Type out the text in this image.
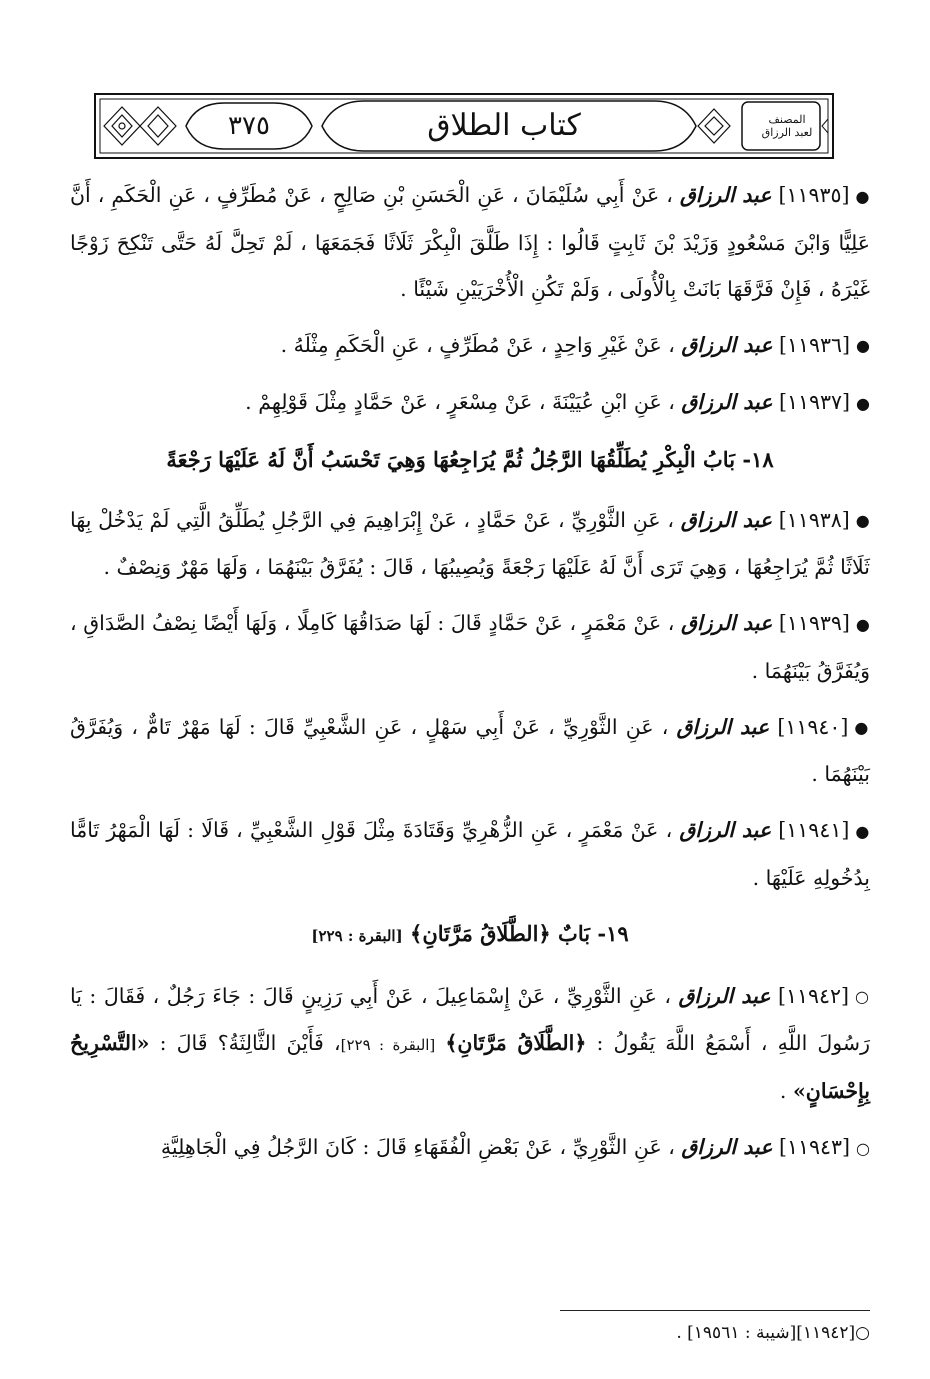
٣٧٥	كتاب الطلاق	المصنف
لعبد الرزاق

●[١١٩٣٥] عبد الرزاق ، عَنْ أَبِي سُلَيْمَانَ ، عَنِ الْحَسَنِ بْنِ صَالِحٍ ، عَنْ مُطَرِّفٍ ، عَنِ الْحَكَمِ ، أَنَّ عَلِيًّا وَابْنَ مَسْعُودٍ وَزَيْدَ بْنَ ثَابِتٍ قَالُوا : إِذَا طَلَّقَ الْبِكْرَ ثَلَاثًا فَجَمَعَهَا ، لَمْ تَحِلَّ لَهُ حَتَّى تَنْكِحَ زَوْجًا غَيْرَهُ ، فَإِنْ فَرَّقَهَا بَانَتْ بِالْأُولَى ، وَلَمْ تَكُنِ الْأُخْرَيَيْنِ شَيْئًا .

●[١١٩٣٦] عبد الرزاق ، عَنْ غَيْرِ وَاحِدٍ ، عَنْ مُطَرِّفٍ ، عَنِ الْحَكَمِ مِثْلَهُ .

●[١١٩٣٧] عبد الرزاق ، عَنِ ابْنِ عُيَيْنَةَ ، عَنْ مِسْعَرٍ ، عَنْ حَمَّادٍ مِثْلَ قَوْلِهِمْ .

١٨- بَابُ الْبِكْرِ يُطَلِّقُهَا الرَّجُلُ ثُمَّ يُرَاجِعُهَا وَهِيَ تَحْسَبُ أَنَّ لَهُ عَلَيْهَا رَجْعَةً

●[١١٩٣٨] عبد الرزاق ، عَنِ الثَّوْرِيِّ ، عَنْ حَمَّادٍ ، عَنْ إِبْرَاهِيمَ فِي الرَّجُلِ يُطَلِّقُ الَّتِي لَمْ يَدْخُلْ بِهَا ثَلَاثًا ثُمَّ يُرَاجِعُهَا ، وَهِيَ تَرَى أَنَّ لَهُ عَلَيْهَا رَجْعَةً وَيُصِيبُهَا ، قَالَ : يُفَرَّقُ بَيْنَهُمَا ، وَلَهَا مَهْرٌ وَنِصْفٌ .

●[١١٩٣٩] عبد الرزاق ، عَنْ مَعْمَرٍ ، عَنْ حَمَّادٍ قَالَ : لَهَا صَدَاقُهَا كَامِلًا ، وَلَهَا أَيْضًا نِصْفُ الصَّدَاقِ ، وَيُفَرَّقُ بَيْنَهُمَا .

●[١١٩٤٠] عبد الرزاق ، عَنِ الثَّوْرِيِّ ، عَنْ أَبِي سَهْلٍ ، عَنِ الشَّعْبِيِّ قَالَ : لَهَا مَهْرٌ تَامٌّ ، وَيُفَرَّقُ بَيْنَهُمَا .

●[١١٩٤١] عبد الرزاق ، عَنْ مَعْمَرٍ ، عَنِ الزُّهْرِيِّ وَقَتَادَةَ مِثْلَ قَوْلِ الشَّعْبِيِّ ، قَالَا : لَهَا الْمَهْرُ تَامًّا بِدُخُولِهِ عَلَيْهَا .

١٩- بَابٌ ﴿الطَّلَاقُ مَرَّتَانِ﴾ [البقرة : ٢٢٩]

○[١١٩٤٢] عبد الرزاق ، عَنِ الثَّوْرِيِّ ، عَنْ إِسْمَاعِيلَ ، عَنْ أَبِي رَزِينٍ قَالَ : جَاءَ رَجُلٌ ، فَقَالَ : يَا رَسُولَ اللَّهِ ، أَسْمَعُ اللَّهَ يَقُولُ : ﴿الطَّلَاقُ مَرَّتَانِ﴾ [البقرة : ٢٢٩]، فَأَيْنَ الثَّالِثَةُ؟ قَالَ : «التَّسْرِيحُ بِإِحْسَانٍ» .

○[١١٩٤٣] عبد الرزاق ، عَنِ الثَّوْرِيِّ ، عَنْ بَعْضِ الْفُقَهَاءِ قَالَ : كَانَ الرَّجُلُ فِي الْجَاهِلِيَّةِ

○[١١٩٤٢][شيبة : ١٩٥٦١] .
